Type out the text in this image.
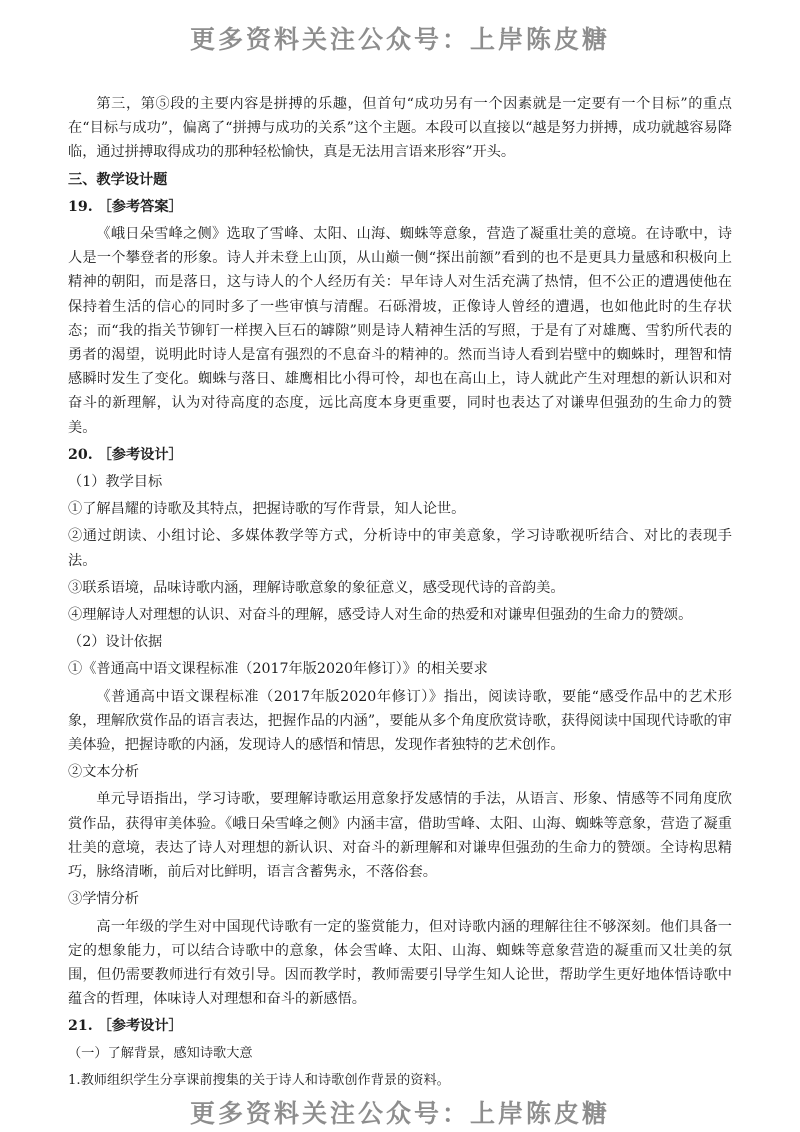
更多资料关注公众号：上岸陈皮糖

第三，第⑤段的主要内容是拼搏的乐趣，但首句“成功另有一个因素就是一定要有一个目标”的重点在“目标与成功”，偏离了“拼搏与成功的关系”这个主题。本段可以直接以“越是努力拼搏，成功就越容易降临，通过拼搏取得成功的那种轻松愉快，真是无法用言语来形容”开头。

三、教学设计题

19. ［参考答案］

《峨日朵雪峰之侧》选取了雪峰、太阳、山海、蜘蛛等意象，营造了凝重壮美的意境。在诗歌中，诗人是一个攀登者的形象。诗人并未登上山顶，从山巅一侧“探出前额”看到的也不是更具力量感和积极向上精神的朝阳，而是落日，这与诗人的个人经历有关：早年诗人对生活充满了热情，但不公正的遭遇使他在保持着生活的信心的同时多了一些审慎与清醒。石砾滑坡，正像诗人曾经的遭遇，也如他此时的生存状态；而“我的指关节铆钉一样揳入巨石的罅隙”则是诗人精神生活的写照，于是有了对雄鹰、雪豹所代表的勇者的渴望，说明此时诗人是富有强烈的不息奋斗的精神的。然而当诗人看到岩壁中的蜘蛛时，理智和情感瞬时发生了变化。蜘蛛与落日、雄鹰相比小得可怜，却也在高山上，诗人就此产生对理想的新认识和对奋斗的新理解，认为对待高度的态度，远比高度本身更重要，同时也表达了对谦卑但强劲的生命力的赞美。

20. ［参考设计］

（1）教学目标

①了解昌耀的诗歌及其特点，把握诗歌的写作背景，知人论世。

②通过朗读、小组讨论、多媒体教学等方式，分析诗中的审美意象，学习诗歌视听结合、对比的表现手法。

③联系语境，品味诗歌内涵，理解诗歌意象的象征意义，感受现代诗的音韵美。

④理解诗人对理想的认识、对奋斗的理解，感受诗人对生命的热爱和对谦卑但强劲的生命力的赞颂。

（2）设计依据

①《普通高中语文课程标准（2017年版2020年修订）》的相关要求

《普通高中语文课程标准（2017年版2020年修订）》指出，阅读诗歌，要能“感受作品中的艺术形象，理解欣赏作品的语言表达，把握作品的内涵”，要能从多个角度欣赏诗歌，获得阅读中国现代诗歌的审美体验，把握诗歌的内涵，发现诗人的感悟和情思，发现作者独特的艺术创作。

②文本分析

单元导语指出，学习诗歌，要理解诗歌运用意象抒发感情的手法，从语言、形象、情感等不同角度欣赏作品，获得审美体验。《峨日朵雪峰之侧》内涵丰富，借助雪峰、太阳、山海、蜘蛛等意象，营造了凝重壮美的意境，表达了诗人对理想的新认识、对奋斗的新理解和对谦卑但强劲的生命力的赞颂。全诗构思精巧，脉络清晰，前后对比鲜明，语言含蓄隽永，不落俗套。

③学情分析

高一年级的学生对中国现代诗歌有一定的鉴赏能力，但对诗歌内涵的理解往往不够深刻。他们具备一定的想象能力，可以结合诗歌中的意象，体会雪峰、太阳、山海、蜘蛛等意象营造的凝重而又壮美的氛围，但仍需要教师进行有效引导。因而教学时，教师需要引导学生知人论世，帮助学生更好地体悟诗歌中蕴含的哲理，体味诗人对理想和奋斗的新感悟。

21. ［参考设计］

（一）了解背景，感知诗歌大意

1.教师组织学生分享课前搜集的关于诗人和诗歌创作背景的资料。

更多资料关注公众号：上岸陈皮糖
